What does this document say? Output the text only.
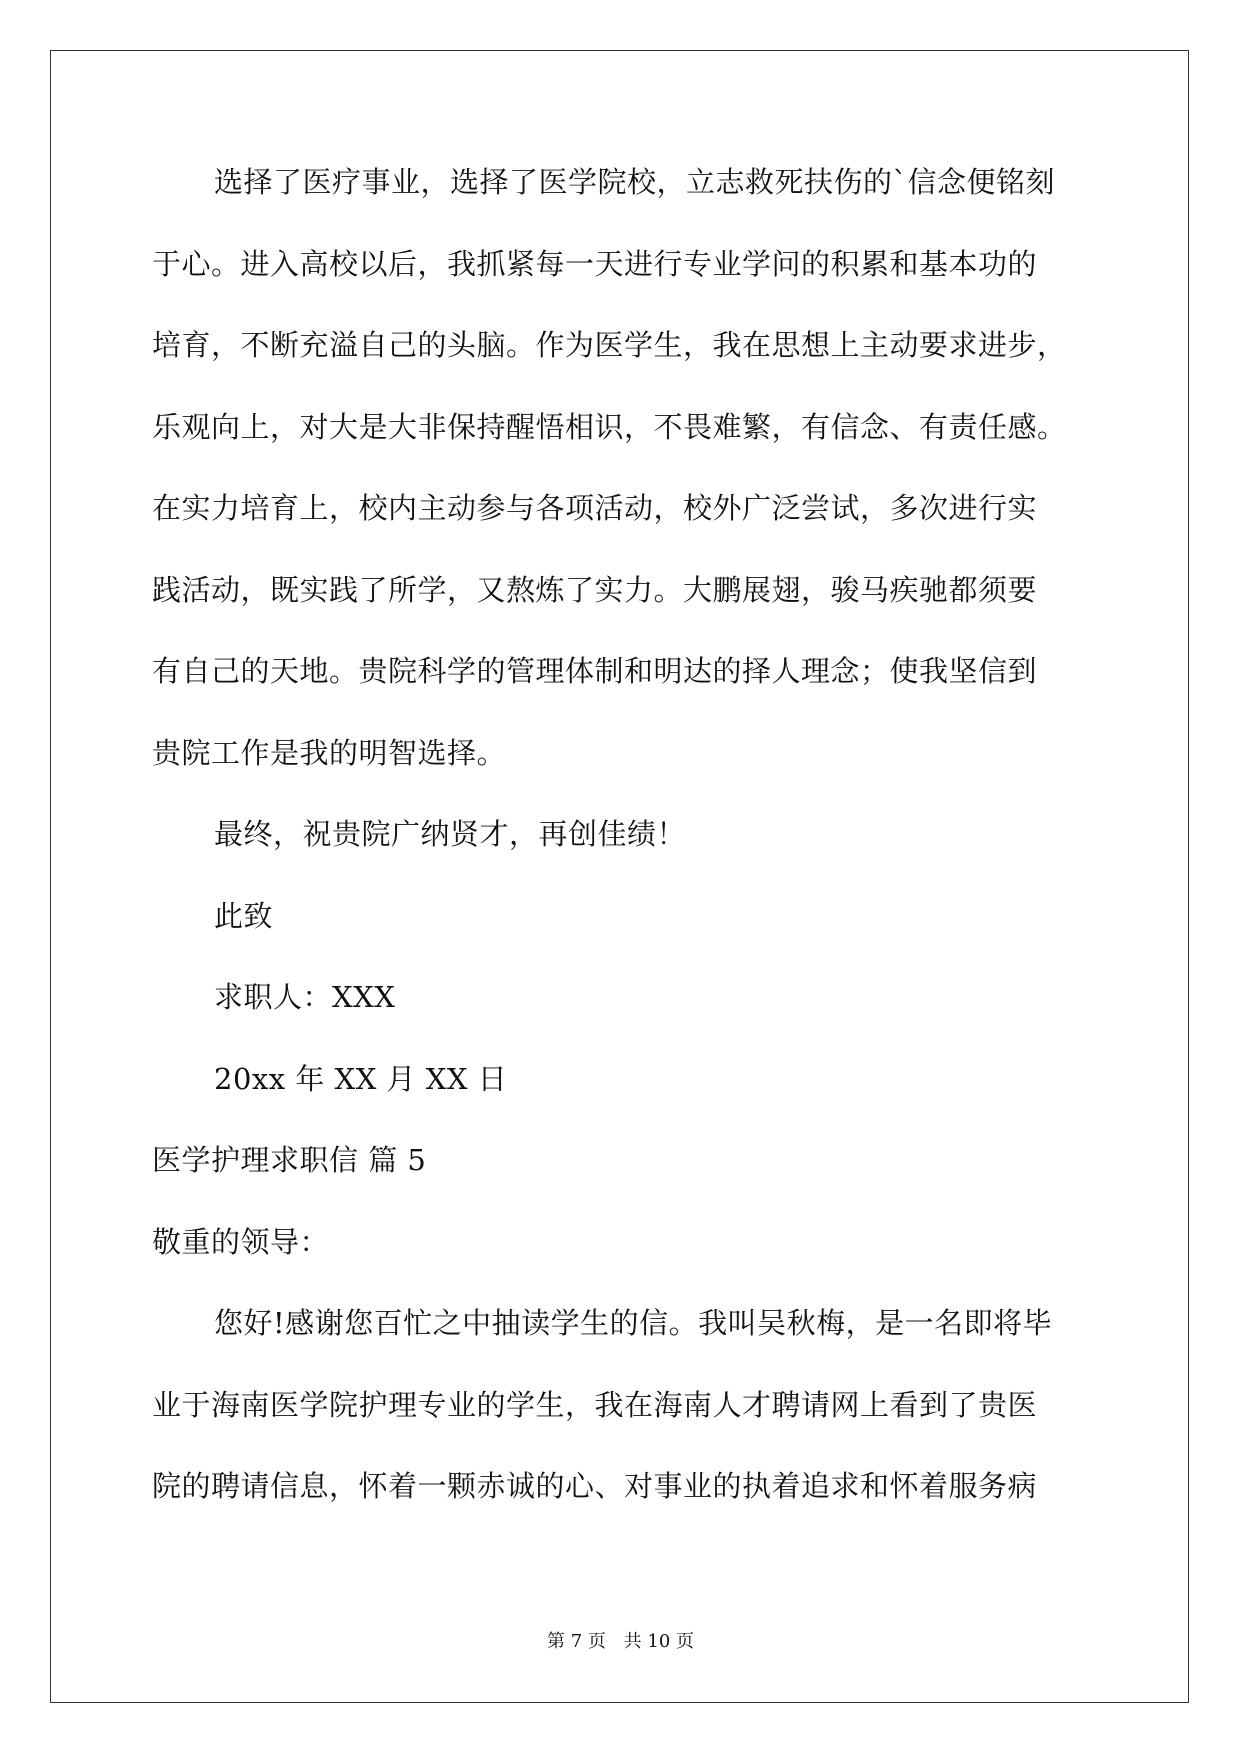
选择了医疗事业，选择了医学院校，立志救死扶伤的`信念便铭刻
于心。进入高校以后，我抓紧每一天进行专业学问的积累和基本功的
培育，不断充溢自己的头脑。作为医学生，我在思想上主动要求进步，
乐观向上，对大是大非保持醒悟相识，不畏难繁，有信念、有责任感。
在实力培育上，校内主动参与各项活动，校外广泛尝试，多次进行实
践活动，既实践了所学，又熬炼了实力。大鹏展翅，骏马疾驰都须要
有自己的天地。贵院科学的管理体制和明达的择人理念；使我坚信到
贵院工作是我的明智选择。
最终，祝贵院广纳贤才，再创佳绩！
此致
求职人：XXX
20xx 年 XX 月 XX 日
医学护理求职信 篇 5
敬重的领导：
您好!感谢您百忙之中抽读学生的信。我叫吴秋梅，是一名即将毕
业于海南医学院护理专业的学生，我在海南人才聘请网上看到了贵医
院的聘请信息，怀着一颗赤诚的心、对事业的执着追求和怀着服务病
第 7 页 共 10 页
